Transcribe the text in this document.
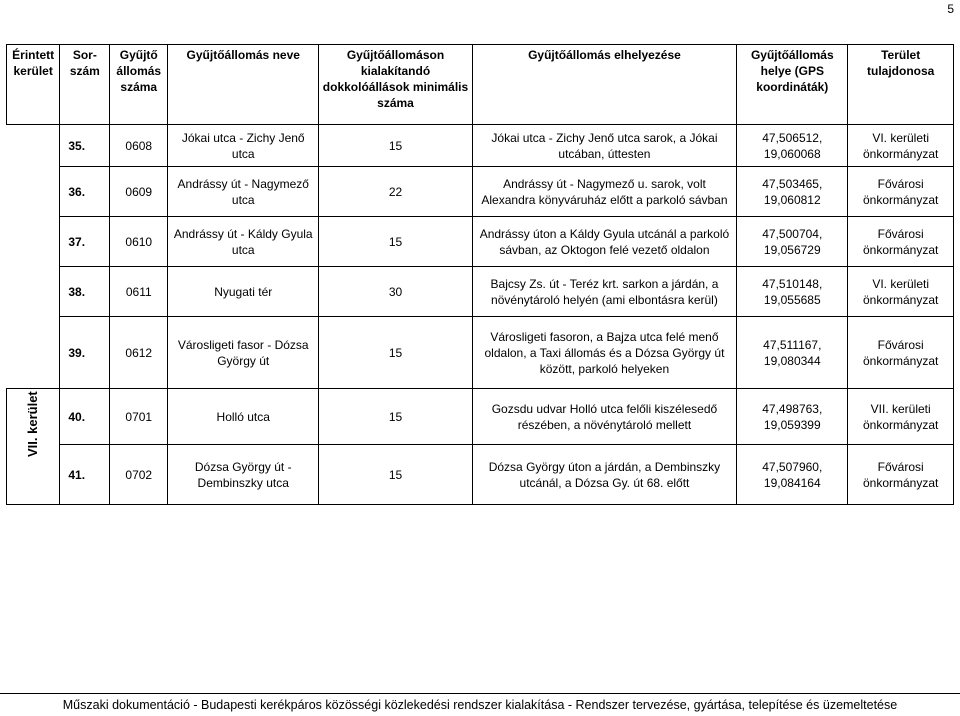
5
Érintett kerület	Sor-szám	Gyűjtő állomás száma	Gyűjtőállomás neve	Gyűjtőállomáson kialakítandó dokkolóállások minimális száma	Gyűjtőállomás elhelyezése	Gyűjtőállomás helye (GPS koordináták)	Terület tulajdonosa
	35.	0608	Jókai utca - Zichy Jenő utca	15	Jókai utca - Zichy Jenő utca sarok, a Jókai utcában, úttesten	47,506512, 19,060068	VI. kerületi önkormányzat
	36.	0609	Andrássy út - Nagymező utca	22	Andrássy út - Nagymező u. sarok, volt Alexandra könyváruház előtt a parkoló sávban	47,503465, 19,060812	Fővárosi önkormányzat
	37.	0610	Andrássy út - Káldy Gyula utca	15	Andrássy úton a Káldy Gyula utcánál a parkoló sávban, az Oktogon felé vezető oldalon	47,500704, 19,056729	Fővárosi önkormányzat
	38.	0611	Nyugati tér	30	Bajcsy Zs. út - Teréz krt. sarkon a járdán, a növénytároló helyén (ami elbontásra kerül)	47,510148, 19,055685	VI. kerületi önkormányzat
	39.	0612	Városligeti fasor - Dózsa György út	15	Városligeti fasoron, a Bajza utca felé menő oldalon, a Taxi állomás és a Dózsa György út között, parkoló helyeken	47,511167, 19,080344	Fővárosi önkormányzat

VII. kerület	40.	0701	Holló utca	15	Gozsdu udvar Holló utca felőli kiszélesedő részében, a növénytároló mellett	47,498763, 19,059399	VII. kerületi önkormányzat
	41.	0702	Dózsa György út - Dembinszky utca	15	Dózsa György úton a járdán, a Dembinszky utcánál, a Dózsa Gy. út 68. előtt	47,507960, 19,084164	Fővárosi önkormányzat
Műszaki dokumentáció - Budapesti kerékpáros közösségi közlekedési rendszer kialakítása - Rendszer tervezése, gyártása, telepítése és üzemeltetése
